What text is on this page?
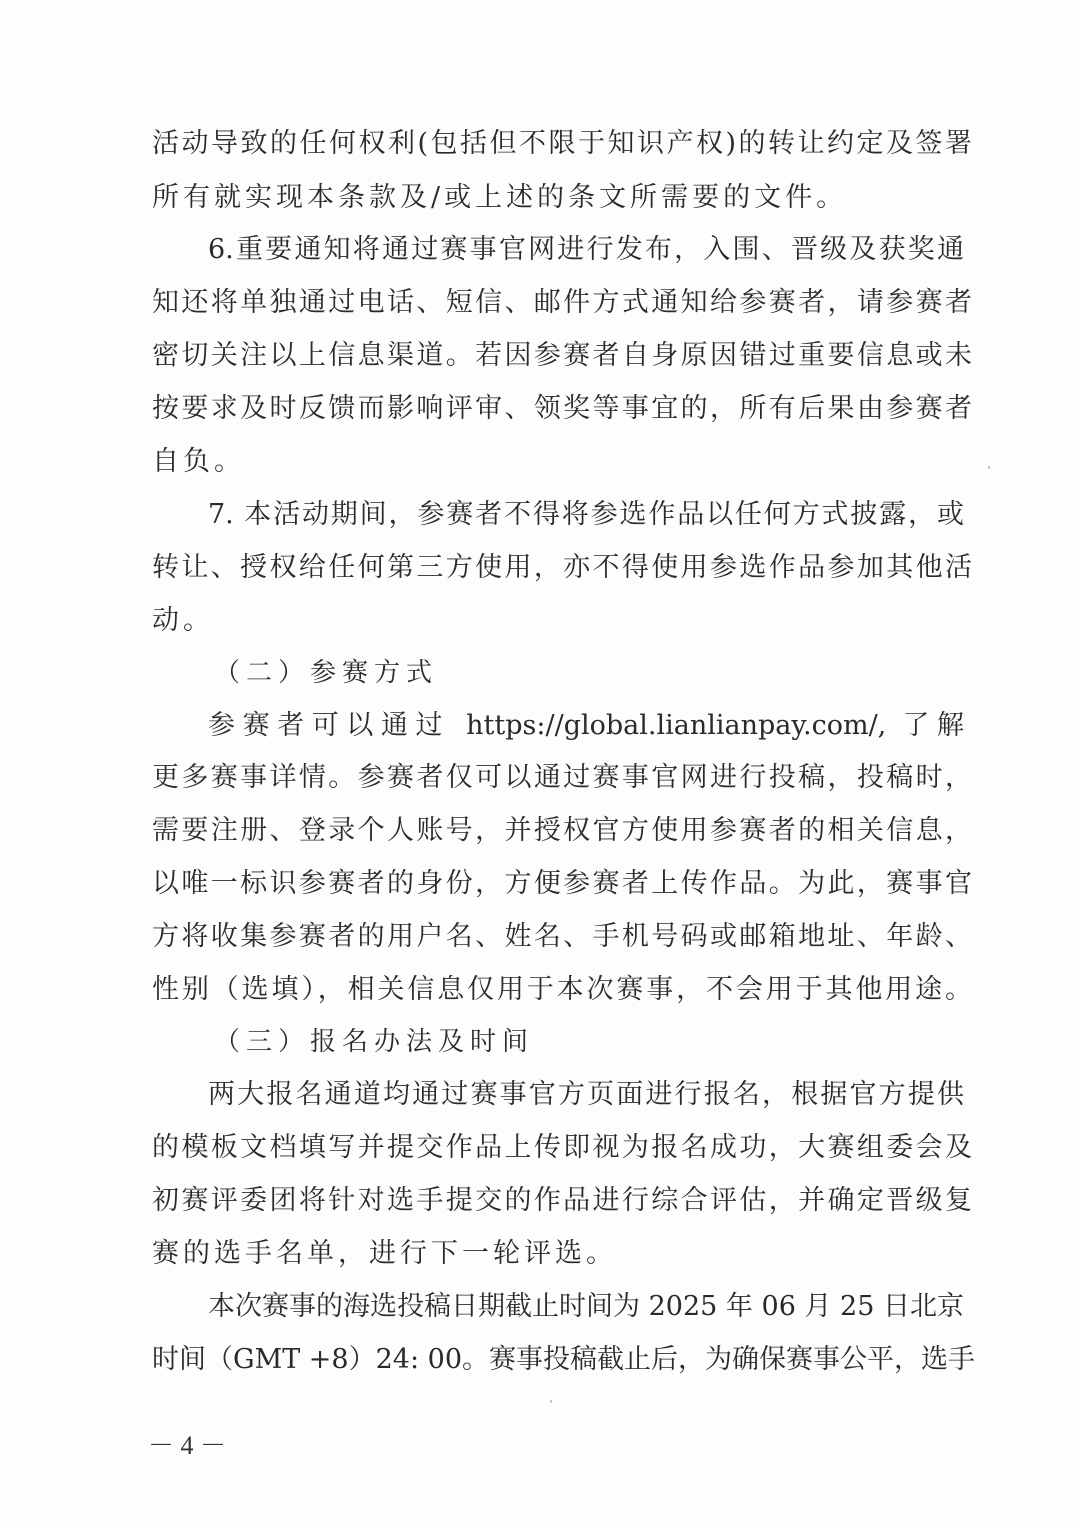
活动导致的任何权利(包括但不限于知识产权)的转让约定及签署
所有就实现本条款及/或上述的条文所需要的文件。
6.重要通知将通过赛事官网进行发布，入围、晋级及获奖通
知还将单独通过电话、短信、邮件方式通知给参赛者，请参赛者
密切关注以上信息渠道。若因参赛者自身原因错过重要信息或未
按要求及时反馈而影响评审、领奖等事宜的，所有后果由参赛者
自负。
7. 本活动期间，参赛者不得将参选作品以任何方式披露，或
转让、授权给任何第三方使用，亦不得使用参选作品参加其他活
动。
（二）参赛方式
参赛者可以通过 https://global.lianlianpay.com/, 了解
更多赛事详情。参赛者仅可以通过赛事官网进行投稿，投稿时，
需要注册、登录个人账号，并授权官方使用参赛者的相关信息，
以唯一标识参赛者的身份，方便参赛者上传作品。为此，赛事官
方将收集参赛者的用户名、姓名、手机号码或邮箱地址、年龄、
性别（选填），相关信息仅用于本次赛事，不会用于其他用途。
（三）报名办法及时间
两大报名通道均通过赛事官方页面进行报名，根据官方提供
的模板文档填写并提交作品上传即视为报名成功，大赛组委会及
初赛评委团将针对选手提交的作品进行综合评估，并确定晋级复
赛的选手名单，进行下一轮评选。
本次赛事的海选投稿日期截止时间为 2025 年 06 月 25 日北京
时间（GMT +8）24: 00。赛事投稿截止后，为确保赛事公平，选手
－ 4 －
